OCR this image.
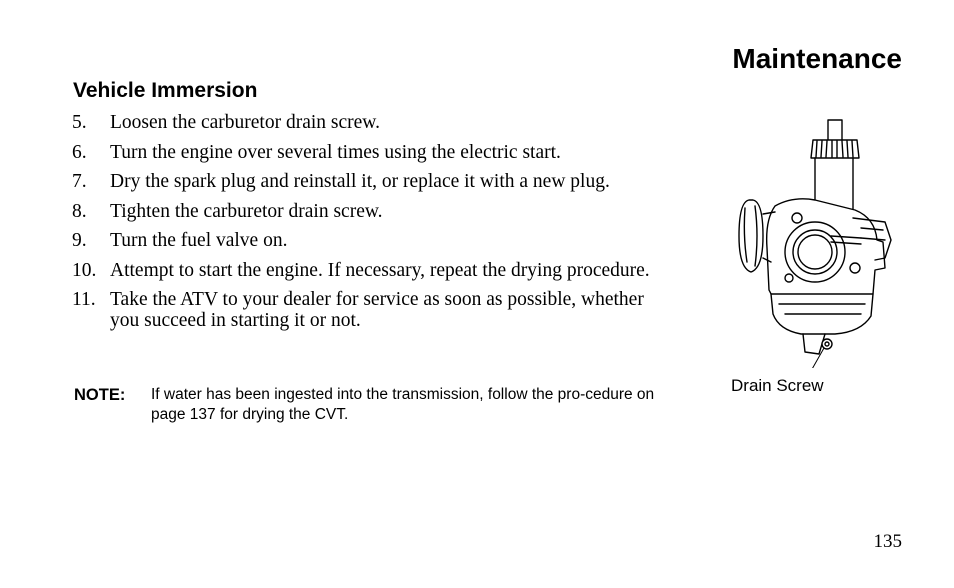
Maintenance
Vehicle Immersion
5. Loosen the carburetor drain screw.
6. Turn the engine over several times using the electric start.
7. Dry the spark plug and reinstall it, or replace it with a new plug.
8. Tighten the carburetor drain screw.
9. Turn the fuel valve on.
10. Attempt to start the engine. If necessary, repeat the drying procedure.
11. Take the ATV to your dealer for service as soon as possible, whether you succeed in starting it or not.
NOTE:	If water has been ingested into the transmission, follow the pro-cedure on page 137 for drying the CVT.
Drain Screw
135
